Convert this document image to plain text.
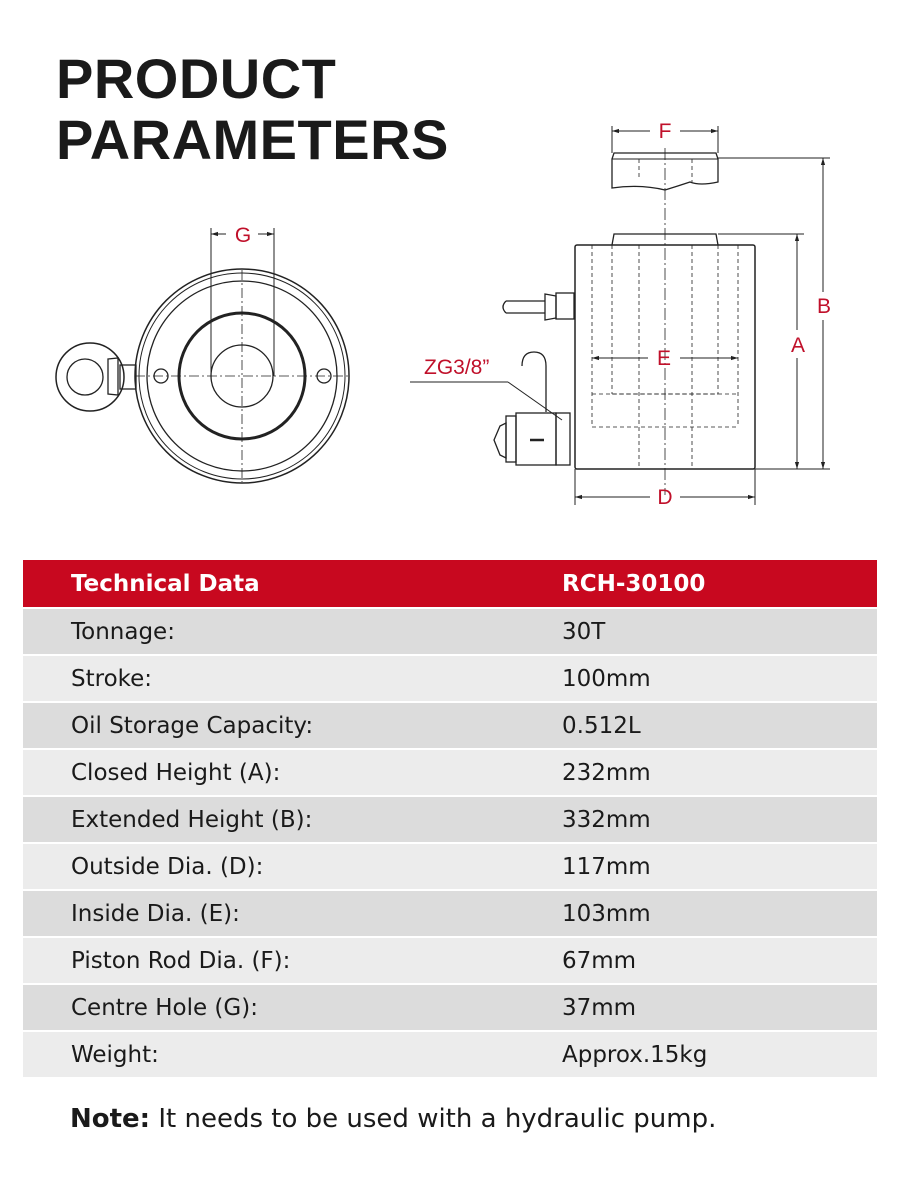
PRODUCT
PARAMETERS
G
F
E
D
A
B
ZG3/8”
Technical Data	RCH-30100
Tonnage:	30T
Stroke:	100mm
Oil Storage Capacity:	0.512L
Closed Height (A):	232mm
Extended Height (B):	332mm
Outside Dia. (D):	117mm
Inside Dia. (E):	103mm
Piston Rod Dia. (F):	67mm
Centre Hole (G):	37mm
Weight:	Approx.15kg
Note: It needs to be used with a hydraulic pump.
